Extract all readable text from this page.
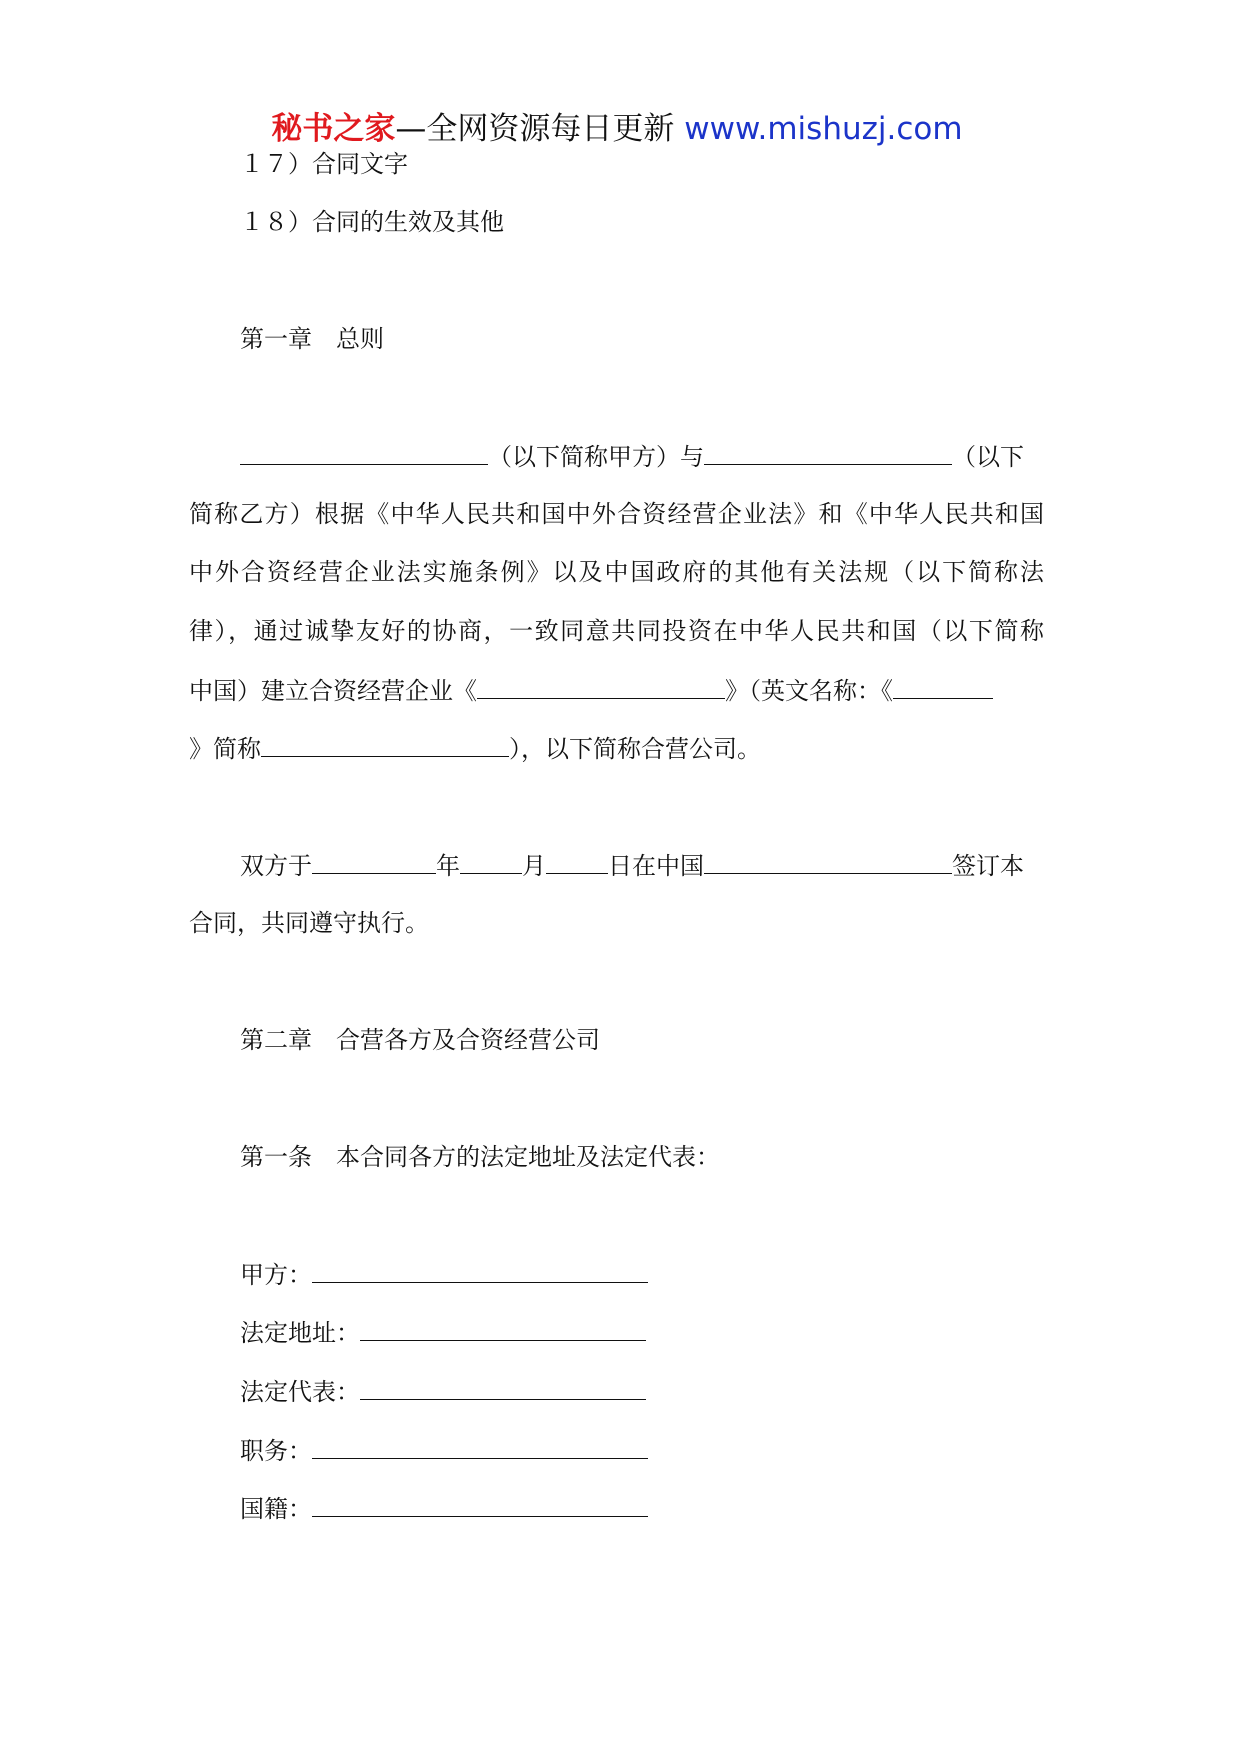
秘书之家—全网资源每日更新 www.mishuzj.com
１７）合同文字
１８）合同的生效及其他
第一章　总则
（以下简称甲方）与	（以下
简称乙方）根据《中华人民共和国中外合资经营企业法》和《中华人民共和国
中外合资经营企业法实施条例》以及中国政府的其他有关法规（以下简称法
律），通过诚挚友好的协商，一致同意共同投资在中华人民共和国（以下简称
中国）建立合资经营企业《	》（英文名称：《
》简称	），以下简称合营公司。
双方于	年	月	日在中国	签订本
合同，共同遵守执行。
第二章　合营各方及合资经营公司
第一条　本合同各方的法定地址及法定代表：
甲方：
法定地址：
法定代表：
职务：
国籍：
